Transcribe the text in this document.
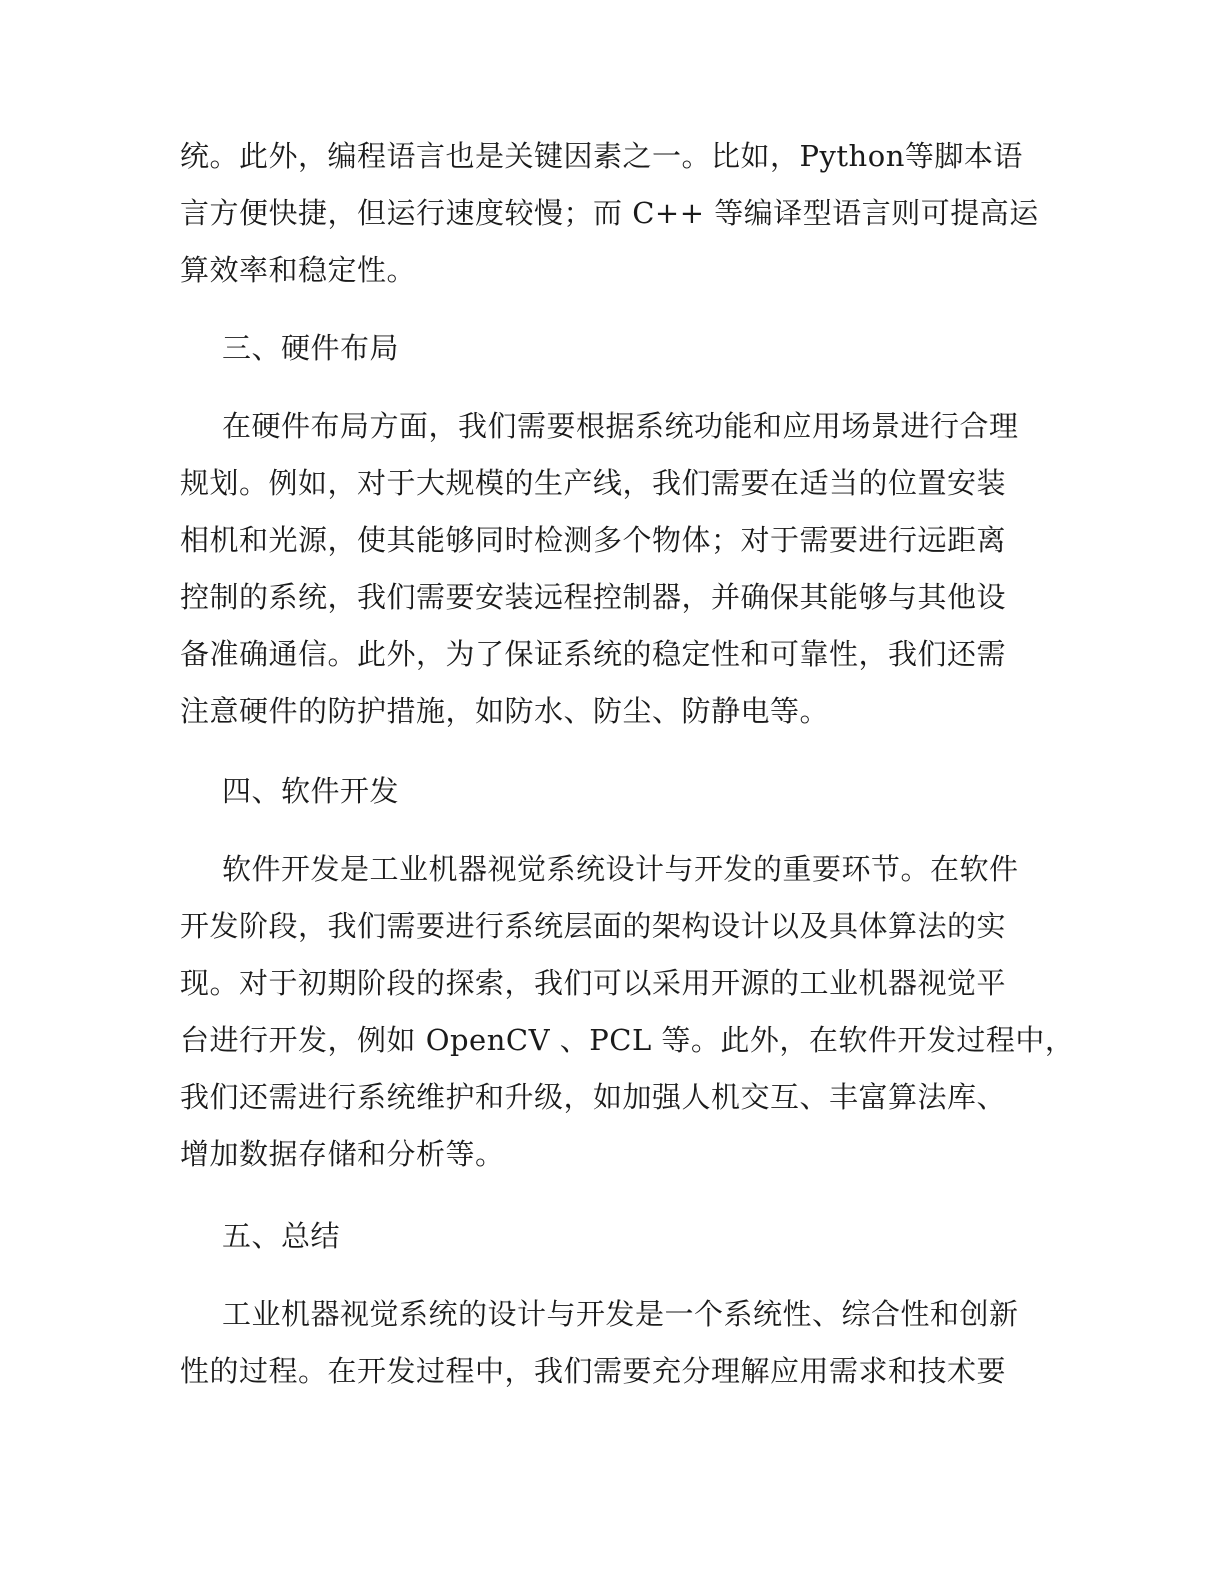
统。此外，编程语言也是关键因素之一。比如，Python等脚本语
言方便快捷，但运行速度较慢；而 C++ 等编译型语言则可提高运
算效率和稳定性。
三、硬件布局
在硬件布局方面，我们需要根据系统功能和应用场景进行合理
规划。例如，对于大规模的生产线，我们需要在适当的位置安装
相机和光源，使其能够同时检测多个物体；对于需要进行远距离
控制的系统，我们需要安装远程控制器，并确保其能够与其他设
备准确通信。此外，为了保证系统的稳定性和可靠性，我们还需
注意硬件的防护措施，如防水、防尘、防静电等。
四、软件开发
软件开发是工业机器视觉系统设计与开发的重要环节。在软件
开发阶段，我们需要进行系统层面的架构设计以及具体算法的实
现。对于初期阶段的探索，我们可以采用开源的工业机器视觉平
台进行开发，例如 OpenCV 、PCL 等。此外，在软件开发过程中，
我们还需进行系统维护和升级，如加强人机交互、丰富算法库、
增加数据存储和分析等。
五、总结
工业机器视觉系统的设计与开发是一个系统性、综合性和创新
性的过程。在开发过程中，我们需要充分理解应用需求和技术要
